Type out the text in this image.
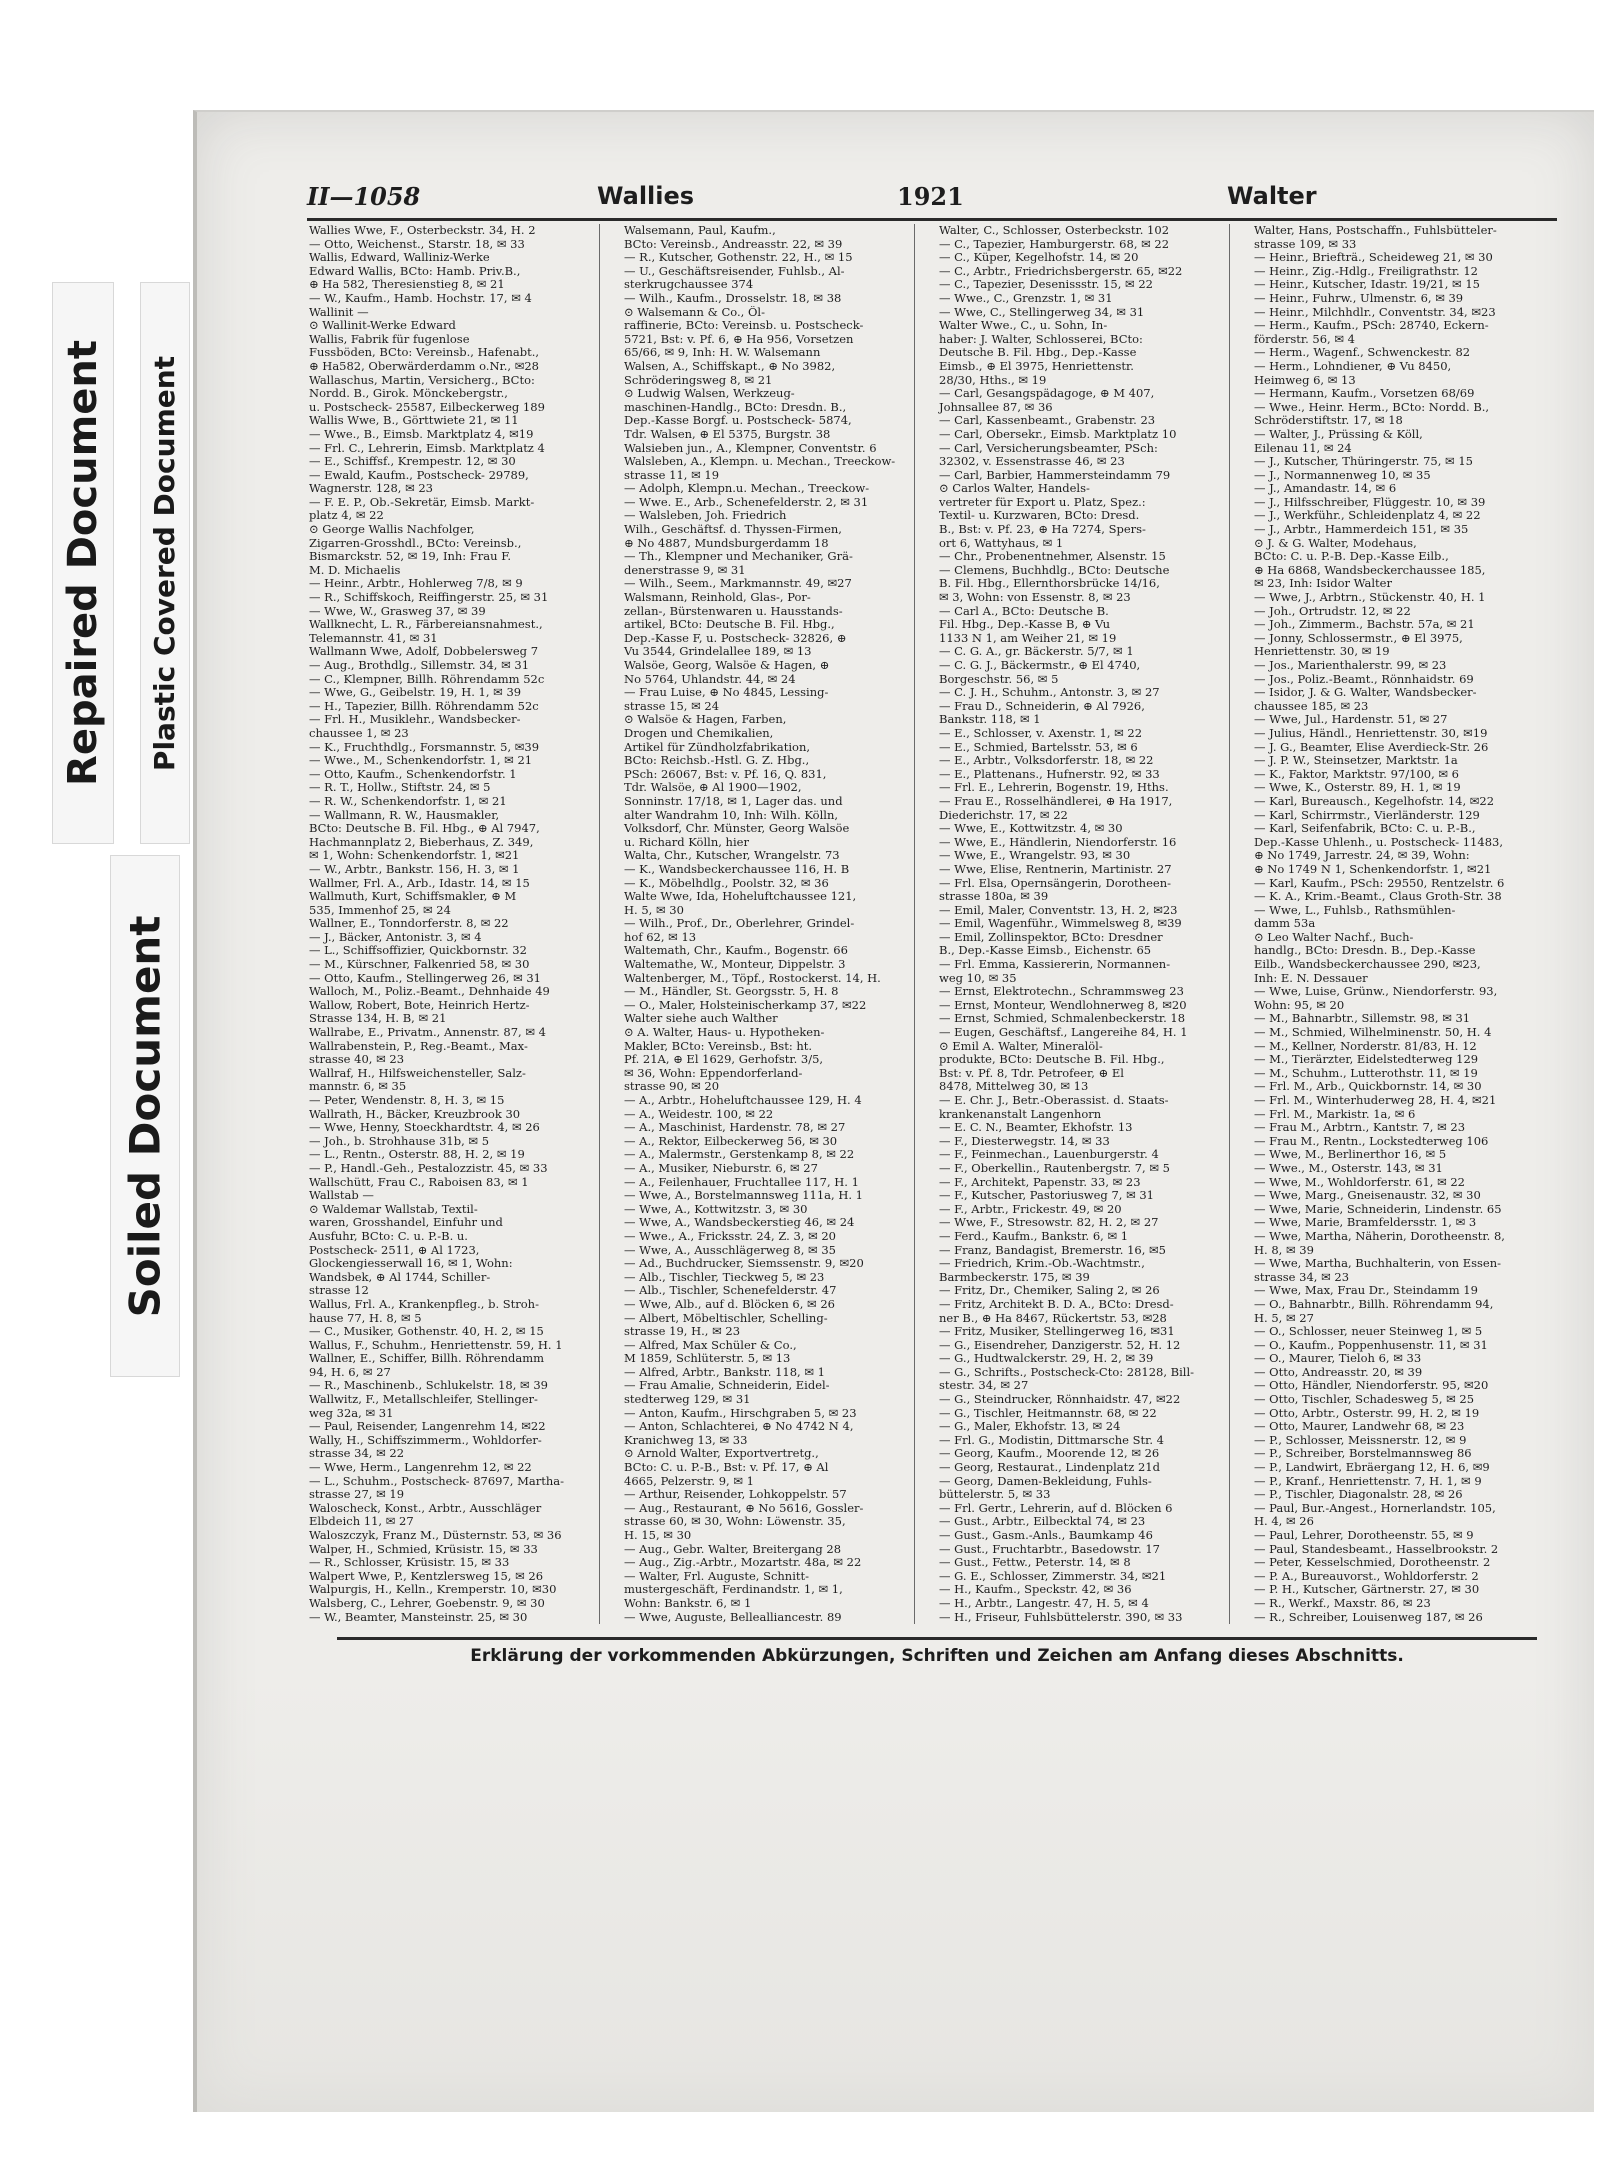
Repaired Document Plastic Covered Document
Soiled Document
II—1058	Wallies	1921	Walter
Wallies Wwe, F., Osterbeckstr. 34, H. 2
— Otto, Weichenst., Starstr. 18, ✉ 33
Wallis, Edward, Walliniz-Werke
Edward Wallis, BCto: Hamb. Priv.B.,
⊕ Ha 582, Theresienstieg 8, ✉ 21
— W., Kaufm., Hamb. Hochstr. 17, ✉ 4
Wallinit —
⊙ Wallinit-Werke Edward
Wallis, Fabrik für fugenlose
Fussböden, BCto: Vereinsb., Hafenabt.,
⊕ Ha582, Oberwärderdamm o.Nr., ✉28
Wallaschus, Martin, Versicherg., BCto:
Nordd. B., Girok. Mönckebergstr.,
u. Postscheck- 25587, Eilbeckerweg 189
Wallis Wwe, B., Görttwiete 21, ✉ 11
— Wwe., B., Eimsb. Marktplatz 4, ✉19
— Frl. C., Lehrerin, Eimsb. Marktplatz 4
— E., Schiffsf., Krempestr. 12, ✉ 30
— Ewald, Kaufm., Postscheck- 29789,
Wagnerstr. 128, ✉ 23
— F. E. P., Ob.-Sekretär, Eimsb. Markt-
platz 4, ✉ 22
⊙ George Wallis Nachfolger,
Zigarren-Grosshdl., BCto: Vereinsb.,
Bismarckstr. 52, ✉ 19, Inh: Frau F.
M. D. Michaelis
— Heinr., Arbtr., Hohlerweg 7/8, ✉ 9
— R., Schiffskoch, Reiffingerstr. 25, ✉ 31
— Wwe, W., Grasweg 37, ✉ 39
Wallknecht, L. R., Färbereiansnahmest.,
Telemannstr. 41, ✉ 31
Wallmann Wwe, Adolf, Dobbelersweg 7
— Aug., Brothdlg., Sillemstr. 34, ✉ 31
— C., Klempner, Billh. Röhrendamm 52c
— Wwe, G., Geibelstr. 19, H. 1, ✉ 39
— H., Tapezier, Billh. Röhrendamm 52c
— Frl. H., Musiklehr., Wandsbecker-
chaussee 1, ✉ 23
— K., Fruchthdlg., Forsmannstr. 5, ✉39
— Wwe., M., Schenkendorfstr. 1, ✉ 21
— Otto, Kaufm., Schenkendorfstr. 1
— R. T., Hollw., Stiftstr. 24, ✉ 5
— R. W., Schenkendorfstr. 1, ✉ 21
— Wallmann, R. W., Hausmakler,
BCto: Deutsche B. Fil. Hbg., ⊕ Al 7947,
Hachmannplatz 2, Bieberhaus, Z. 349,
✉ 1, Wohn: Schenkendorfstr. 1, ✉21
— W., Arbtr., Bankstr. 156, H. 3, ✉ 1
Wallmer, Frl. A., Arb., Idastr. 14, ✉ 15
Wallmuth, Kurt, Schiffsmakler, ⊕ M
535, Immenhof 25, ✉ 24
Wallner, E., Tonndorferstr. 8, ✉ 22
— J., Bäcker, Antonistr. 3, ✉ 4
— L., Schiffsoffizier, Quickbornstr. 32
— M., Kürschner, Falkenried 58, ✉ 30
— Otto, Kaufm., Stellingerweg 26, ✉ 31
Walloch, M., Poliz.-Beamt., Dehnhaide 49
Wallow, Robert, Bote, Heinrich Hertz-
Strasse 134, H. B, ✉ 21
Wallrabe, E., Privatm., Annenstr. 87, ✉ 4
Wallrabenstein, P., Reg.-Beamt., Max-
strasse 40, ✉ 23
Wallraf, H., Hilfsweichensteller, Salz-
mannstr. 6, ✉ 35
— Peter, Wendenstr. 8, H. 3, ✉ 15
Wallrath, H., Bäcker, Kreuzbrook 30
— Wwe, Henny, Stoeckhardtstr. 4, ✉ 26
— Joh., b. Strohhause 31b, ✉ 5
— L., Rentn., Osterstr. 88, H. 2, ✉ 19
— P., Handl.-Geh., Pestalozzistr. 45, ✉ 33
Wallschütt, Frau C., Raboisen 83, ✉ 1
Wallstab —
⊙ Waldemar Wallstab, Textil-
waren, Grosshandel, Einfuhr und
Ausfuhr, BCto: C. u. P.-B. u.
Postscheck- 2511, ⊕ Al 1723,
Glockengiesserwall 16, ✉ 1, Wohn:
Wandsbek, ⊕ Al 1744, Schiller-
strasse 12
Wallus, Frl. A., Krankenpfleg., b. Stroh-
hause 77, H. 8, ✉ 5
— C., Musiker, Gothenstr. 40, H. 2, ✉ 15
Wallus, F., Schuhm., Henriettenstr. 59, H. 1
Wallner, E., Schiffer, Billh. Röhrendamm
94, H. 6, ✉ 27
— R., Maschinenb., Schlukelstr. 18, ✉ 39
Wallwitz, F., Metallschleifer, Stellinger-
weg 32a, ✉ 31
— Paul, Reisender, Langenrehm 14, ✉22
Wally, H., Schiffszimmerm., Wohldorfer-
strasse 34, ✉ 22
— Wwe, Herm., Langenrehm 12, ✉ 22
— L., Schuhm., Postscheck- 87697, Martha-
strasse 27, ✉ 19
Waloscheck, Konst., Arbtr., Ausschläger
Elbdeich 11, ✉ 27
Waloszczyk, Franz M., Düsternstr. 53, ✉ 36
Walper, H., Schmied, Krüsistr. 15, ✉ 33
— R., Schlosser, Krüsistr. 15, ✉ 33
Walpert Wwe, P., Kentzlersweg 15, ✉ 26
Walpurgis, H., Kelln., Kremperstr. 10, ✉30
Walsberg, C., Lehrer, Goebenstr. 9, ✉ 30
— W., Beamter, Mansteinstr. 25, ✉ 30
Walsemann, Paul, Kaufm.,
BCto: Vereinsb., Andreasstr. 22, ✉ 39
— R., Kutscher, Gothenstr. 22, H., ✉ 15
— U., Geschäftsreisender, Fuhlsb., Al-
sterkrugchaussee 374
— Wilh., Kaufm., Drosselstr. 18, ✉ 38
⊙ Walsemann & Co., Öl-
raffinerie, BCto: Vereinsb. u. Postscheck-
5721, Bst: v. Pf. 6, ⊕ Ha 956, Vorsetzen
65/66, ✉ 9, Inh: H. W. Walsemann
Walsen, A., Schiffskapt., ⊕ No 3982,
Schröderingsweg 8, ✉ 21
⊙ Ludwig Walsen, Werkzeug-
maschinen-Handlg., BCto: Dresdn. B.,
Dep.-Kasse Borgf. u. Postscheck- 5874,
Tdr. Walsen, ⊕ El 5375, Burgstr. 38
Walsieben jun., A., Klempner, Conventstr. 6
Walsleben, A., Klempn. u. Mechan., Treeckow-
strasse 11, ✉ 19
— Adolph, Klempn.u. Mechan., Treeckow-
— Wwe. E., Arb., Schenefelderstr. 2, ✉ 31
— Walsleben, Joh. Friedrich
Wilh., Geschäftsf. d. Thyssen-Firmen,
⊕ No 4887, Mundsburgerdamm 18
— Th., Klempner und Mechaniker, Grä-
denerstrasse 9, ✉ 31
— Wilh., Seem., Markmannstr. 49, ✉27
Walsmann, Reinhold, Glas-, Por-
zellan-, Bürstenwaren u. Hausstands-
artikel, BCto: Deutsche B. Fil. Hbg.,
Dep.-Kasse F, u. Postscheck- 32826, ⊕
Vu 3544, Grindelallee 189, ✉ 13
Walsöe, Georg, Walsöe & Hagen, ⊕
No 5764, Uhlandstr. 44, ✉ 24
— Frau Luise, ⊕ No 4845, Lessing-
strasse 15, ✉ 24
⊙ Walsöe & Hagen, Farben,
Drogen und Chemikalien,
Artikel für Zündholzfabrikation,
BCto: Reichsb.-Hstl. G. Z. Hbg.,
PSch: 26067, Bst: v. Pf. 16, Q. 831,
Tdr. Walsöe, ⊕ Al 1900—1902,
Sonninstr. 17/18, ✉ 1, Lager das. und
alter Wandrahm 10, Inh: Wilh. Kölln,
Volksdorf, Chr. Münster, Georg Walsöe
u. Richard Kölln, hier
Walta, Chr., Kutscher, Wrangelstr. 73
— K., Wandsbeckerchaussee 116, H. B
— K., Möbelhdlg., Poolstr. 32, ✉ 36
Walte Wwe, Ida, Hoheluftchaussee 121,
H. 5, ✉ 30
— Wilh., Prof., Dr., Oberlehrer, Grindel-
hof 62, ✉ 13
Waltemath, Chr., Kaufm., Bogenstr. 66
Waltemathe, W., Monteur, Dippelstr. 3
Waltenberger, M., Töpf., Rostockerst. 14, H.
— M., Händler, St. Georgsstr. 5, H. 8
— O., Maler, Holsteinischerkamp 37, ✉22
Walter siehe auch Walther
⊙ A. Walter, Haus- u. Hypotheken-
Makler, BCto: Vereinsb., Bst: ht.
Pf. 21A, ⊕ El 1629, Gerhofstr. 3/5,
✉ 36, Wohn: Eppendorferland-
strasse 90, ✉ 20
— A., Arbtr., Hoheluftchaussee 129, H. 4
— A., Weidestr. 100, ✉ 22
— A., Maschinist, Hardenstr. 78, ✉ 27
— A., Rektor, Eilbeckerweg 56, ✉ 30
— A., Malermstr., Gerstenkamp 8, ✉ 22
— A., Musiker, Nieburstr. 6, ✉ 27
— A., Feilenhauer, Fruchtallee 117, H. 1
— Wwe, A., Borstelmannsweg 111a, H. 1
— Wwe, A., Kottwitzstr. 3, ✉ 30
— Wwe, A., Wandsbeckerstieg 46, ✉ 24
— Wwe., A., Fricksstr. 24, Z. 3, ✉ 20
— Wwe, A., Ausschlägerweg 8, ✉ 35
— Ad., Buchdrucker, Siemssenstr. 9, ✉20
— Alb., Tischler, Tieckweg 5, ✉ 23
— Alb., Tischler, Schenefelderstr. 47
— Wwe, Alb., auf d. Blöcken 6, ✉ 26
— Albert, Möbeltischler, Schelling-
strasse 19, H., ✉ 23
— Alfred, Max Schüler & Co.,
M 1859, Schlüterstr. 5, ✉ 13
— Alfred, Arbtr., Bankstr. 118, ✉ 1
— Frau Amalie, Schneiderin, Eidel-
stedterweg 129, ✉ 31
— Anton, Kaufm., Hirschgraben 5, ✉ 23
— Anton, Schlachterei, ⊕ No 4742 N 4,
Kranichweg 13, ✉ 33
⊙ Arnold Walter, Exportvertretg.,
BCto: C. u. P.-B., Bst: v. Pf. 17, ⊕ Al
4665, Pelzerstr. 9, ✉ 1
— Arthur, Reisender, Lohkoppelstr. 57
— Aug., Restaurant, ⊕ No 5616, Gossler-
strasse 60, ✉ 30, Wohn: Löwenstr. 35,
H. 15, ✉ 30
— Aug., Gebr. Walter, Breitergang 28
— Aug., Zig.-Arbtr., Mozartstr. 48a, ✉ 22
— Walter, Frl. Auguste, Schnitt-
mustergeschäft, Ferdinandstr. 1, ✉ 1,
Wohn: Bankstr. 6, ✉ 1
— Wwe, Auguste, Bellealliancestr. 89
Walter, C., Schlosser, Osterbeckstr. 102
— C., Tapezier, Hamburgerstr. 68, ✉ 22
— C., Küper, Kegelhofstr. 14, ✉ 20
— C., Arbtr., Friedrichsbergerstr. 65, ✉22
— C., Tapezier, Desenissstr. 15, ✉ 22
— Wwe., C., Grenzstr. 1, ✉ 31
— Wwe, C., Stellingerweg 34, ✉ 31
Walter Wwe., C., u. Sohn, In-
haber: J. Walter, Schlosserei, BCto:
Deutsche B. Fil. Hbg., Dep.-Kasse
Eimsb., ⊕ El 3975, Henriettenstr.
28/30, Hths., ✉ 19
— Carl, Gesangspädagoge, ⊕ M 407,
Johnsallee 87, ✉ 36
— Carl, Kassenbeamt., Grabenstr. 23
— Carl, Obersekr., Eimsb. Marktplatz 10
— Carl, Versicherungsbeamter, PSch:
32302, v. Essenstrasse 46, ✉ 23
— Carl, Barbier, Hammersteindamm 79
⊙ Carlos Walter, Handels-
vertreter für Export u. Platz, Spez.:
Textil- u. Kurzwaren, BCto: Dresd.
B., Bst: v. Pf. 23, ⊕ Ha 7274, Spers-
ort 6, Wattyhaus, ✉ 1
— Chr., Probenentnehmer, Alsenstr. 15
— Clemens, Buchhdlg., BCto: Deutsche
B. Fil. Hbg., Ellernthorsbrücke 14/16,
✉ 3, Wohn: von Essenstr. 8, ✉ 23
— Carl A., BCto: Deutsche B.
Fil. Hbg., Dep.-Kasse B, ⊕ Vu
1133 N 1, am Weiher 21, ✉ 19
— C. G. A., gr. Bäckerstr. 5/7, ✉ 1
— C. G. J., Bäckermstr., ⊕ El 4740,
Borgeschstr. 56, ✉ 5
— C. J. H., Schuhm., Antonstr. 3, ✉ 27
— Frau D., Schneiderin, ⊕ Al 7926,
Bankstr. 118, ✉ 1
— E., Schlosser, v. Axenstr. 1, ✉ 22
— E., Schmied, Bartelsstr. 53, ✉ 6
— E., Arbtr., Volksdorferstr. 18, ✉ 22
— E., Plattenans., Hufnerstr. 92, ✉ 33
— Frl. E., Lehrerin, Bogenstr. 19, Hths.
— Frau E., Rosselhändlerei, ⊕ Ha 1917,
Diederichstr. 17, ✉ 22
— Wwe, E., Kottwitzstr. 4, ✉ 30
— Wwe, E., Händlerin, Niendorferstr. 16
— Wwe, E., Wrangelstr. 93, ✉ 30
— Wwe, Elise, Rentnerin, Martinistr. 27
— Frl. Elsa, Opernsängerin, Dorotheen-
strasse 180a, ✉ 39
— Emil, Maler, Conventstr. 13, H. 2, ✉23
— Emil, Wagenführ., Wimmelsweg 8, ✉39
— Emil, Zollinspektor, BCto: Dresdner
B., Dep.-Kasse Eimsb., Eichenstr. 65
— Frl. Emma, Kassiererin, Normannen-
weg 10, ✉ 35
— Ernst, Elektrotechn., Schrammsweg 23
— Ernst, Monteur, Wendlohnerweg 8, ✉20
— Ernst, Schmied, Schmalenbeckerstr. 18
— Eugen, Geschäftsf., Langereihe 84, H. 1
⊙ Emil A. Walter, Mineralöl-
produkte, BCto: Deutsche B. Fil. Hbg.,
Bst: v. Pf. 8, Tdr. Petrofeer, ⊕ El
8478, Mittelweg 30, ✉ 13
— E. Chr. J., Betr.-Oberassist. d. Staats-
krankenanstalt Langenhorn
— E. C. N., Beamter, Ekhofstr. 13
— F., Diesterwegstr. 14, ✉ 33
— F., Feinmechan., Lauenburgerstr. 4
— F., Oberkellin., Rautenbergstr. 7, ✉ 5
— F., Architekt, Papenstr. 33, ✉ 23
— F., Kutscher, Pastoriusweg 7, ✉ 31
— F., Arbtr., Frickestr. 49, ✉ 20
— Wwe, F., Stresowstr. 82, H. 2, ✉ 27
— Ferd., Kaufm., Bankstr. 6, ✉ 1
— Franz, Bandagist, Bremerstr. 16, ✉5
— Friedrich, Krim.-Ob.-Wachtmstr.,
Barmbeckerstr. 175, ✉ 39
— Fritz, Dr., Chemiker, Saling 2, ✉ 26
— Fritz, Architekt B. D. A., BCto: Dresd-
ner B., ⊕ Ha 8467, Rückertstr. 53, ✉28
— Fritz, Musiker, Stellingerweg 16, ✉31
— G., Eisendreher, Danzigerstr. 52, H. 12
— G., Hudtwalckerstr. 29, H. 2, ✉ 39
— G., Schrifts., Postscheck-Cto: 28128, Bill-
stestr. 34, ✉ 27
— G., Steindrucker, Rönnhaidstr. 47, ✉22
— G., Tischler, Heitmannstr. 68, ✉ 22
— G., Maler, Ekhofstr. 13, ✉ 24
— Frl. G., Modistin, Dittmarsche Str. 4
— Georg, Kaufm., Moorende 12, ✉ 26
— Georg, Restaurat., Lindenplatz 21d
— Georg, Damen-Bekleidung, Fuhls-
büttelerstr. 5, ✉ 33
— Frl. Gertr., Lehrerin, auf d. Blöcken 6
— Gust., Arbtr., Eilbecktal 74, ✉ 23
— Gust., Gasm.-Anls., Baumkamp 46
— Gust., Fruchtarbtr., Basedowstr. 17
— Gust., Fettw., Peterstr. 14, ✉ 8
— G. E., Schlosser, Zimmerstr. 34, ✉21
— H., Kaufm., Speckstr. 42, ✉ 36
— H., Arbtr., Langestr. 47, H. 5, ✉ 4
— H., Friseur, Fuhlsbüttelerstr. 390, ✉ 33
Walter, Hans, Postschaffn., Fuhlsbütteler-
strasse 109, ✉ 33
— Heinr., Briefträ., Scheideweg 21, ✉ 30
— Heinr., Zig.-Hdlg., Freiligrathstr. 12
— Heinr., Kutscher, Idastr. 19/21, ✉ 15
— Heinr., Fuhrw., Ulmenstr. 6, ✉ 39
— Heinr., Milchhdlr., Conventstr. 34, ✉23
— Herm., Kaufm., PSch: 28740, Eckern-
förderstr. 56, ✉ 4
— Herm., Wagenf., Schwenckestr. 82
— Herm., Lohndiener, ⊕ Vu 8450,
Heimweg 6, ✉ 13
— Hermann, Kaufm., Vorsetzen 68/69
— Wwe., Heinr. Herm., BCto: Nordd. B.,
Schröderstiftstr. 17, ✉ 18
— Walter, J., Prüssing & Köll,
Eilenau 11, ✉ 24
— J., Kutscher, Thüringerstr. 75, ✉ 15
— J., Normannenweg 10, ✉ 35
— J., Amandastr. 14, ✉ 6
— J., Hilfsschreiber, Flüggestr. 10, ✉ 39
— J., Werkführ., Schleidenplatz 4, ✉ 22
— J., Arbtr., Hammerdeich 151, ✉ 35
⊙ J. & G. Walter, Modehaus,
BCto: C. u. P.-B. Dep.-Kasse Eilb.,
⊕ Ha 6868, Wandsbeckerchaussee 185,
✉ 23, Inh: Isidor Walter
— Wwe, J., Arbtrn., Stückenstr. 40, H. 1
— Joh., Ortrudstr. 12, ✉ 22
— Joh., Zimmerm., Bachstr. 57a, ✉ 21
— Jonny, Schlossermstr., ⊕ El 3975,
Henriettenstr. 30, ✉ 19
— Jos., Marienthalerstr. 99, ✉ 23
— Jos., Poliz.-Beamt., Rönnhaidstr. 69
— Isidor, J. & G. Walter, Wandsbecker-
chaussee 185, ✉ 23
— Wwe, Jul., Hardenstr. 51, ✉ 27
— Julius, Händl., Henriettenstr. 30, ✉19
— J. G., Beamter, Elise Averdieck-Str. 26
— J. P. W., Steinsetzer, Marktstr. 1a
— K., Faktor, Marktstr. 97/100, ✉ 6
— Wwe, K., Osterstr. 89, H. 1, ✉ 19
— Karl, Bureausch., Kegelhofstr. 14, ✉22
— Karl, Schirrmstr., Vierländerstr. 129
— Karl, Seifenfabrik, BCto: C. u. P.-B.,
Dep.-Kasse Uhlenh., u. Postscheck- 11483,
⊕ No 1749, Jarrestr. 24, ✉ 39, Wohn:
⊕ No 1749 N 1, Schenkendorfstr. 1, ✉21
— Karl, Kaufm., PSch: 29550, Rentzelstr. 6
— K. A., Krim.-Beamt., Claus Groth-Str. 38
— Wwe, L., Fuhlsb., Rathsmühlen-
damm 53a
⊙ Leo Walter Nachf., Buch-
handlg., BCto: Dresdn. B., Dep.-Kasse
Eilb., Wandsbeckerchaussee 290, ✉23,
Inh: E. N. Dessauer
— Wwe, Luise, Grünw., Niendorferstr. 93,
Wohn: 95, ✉ 20
— M., Bahnarbtr., Sillemstr. 98, ✉ 31
— M., Schmied, Wilhelminenstr. 50, H. 4
— M., Kellner, Norderstr. 81/83, H. 12
— M., Tierärzter, Eidelstedterweg 129
— M., Schuhm., Lutterothstr. 11, ✉ 19
— Frl. M., Arb., Quickbornstr. 14, ✉ 30
— Frl. M., Winterhuderweg 28, H. 4, ✉21
— Frl. M., Markistr. 1a, ✉ 6
— Frau M., Arbtrn., Kantstr. 7, ✉ 23
— Frau M., Rentn., Lockstedterweg 106
— Wwe, M., Berlinerthor 16, ✉ 5
— Wwe., M., Osterstr. 143, ✉ 31
— Wwe, M., Wohldorferstr. 61, ✉ 22
— Wwe, Marg., Gneisenaustr. 32, ✉ 30
— Wwe, Marie, Schneiderin, Lindenstr. 65
— Wwe, Marie, Bramfeldersstr. 1, ✉ 3
— Wwe, Martha, Näherin, Dorotheenstr. 8,
H. 8, ✉ 39
— Wwe, Martha, Buchhalterin, von Essen-
strasse 34, ✉ 23
— Wwe, Max, Frau Dr., Steindamm 19
— O., Bahnarbtr., Billh. Röhrendamm 94,
H. 5, ✉ 27
— O., Schlosser, neuer Steinweg 1, ✉ 5
— O., Kaufm., Poppenhusenstr. 11, ✉ 31
— O., Maurer, Tieloh 6, ✉ 33
— Otto, Andreasstr. 20, ✉ 39
— Otto, Händler, Niendorferstr. 95, ✉20
— Otto, Tischler, Schadesweg 5, ✉ 25
— Otto, Arbtr., Osterstr. 99, H. 2, ✉ 19
— Otto, Maurer, Landwehr 68, ✉ 23
— P., Schlosser, Meissnerstr. 12, ✉ 9
— P., Schreiber, Borstelmannsweg 86
— P., Landwirt, Ebräergang 12, H. 6, ✉9
— P., Kranf., Henriettenstr. 7, H. 1, ✉ 9
— P., Tischler, Diagonalstr. 28, ✉ 26
— Paul, Bur.-Angest., Hornerlandstr. 105,
H. 4, ✉ 26
— Paul, Lehrer, Dorotheenstr. 55, ✉ 9
— Paul, Standesbeamt., Hasselbrookstr. 2
— Peter, Kesselschmied, Dorotheenstr. 2
— P. A., Bureauvorst., Wohldorferstr. 2
— P. H., Kutscher, Gärtnerstr. 27, ✉ 30
— R., Werkf., Maxstr. 86, ✉ 23
— R., Schreiber, Louisenweg 187, ✉ 26
Erklärung der vorkommenden Abkürzungen, Schriften und Zeichen am Anfang dieses Abschnitts.
